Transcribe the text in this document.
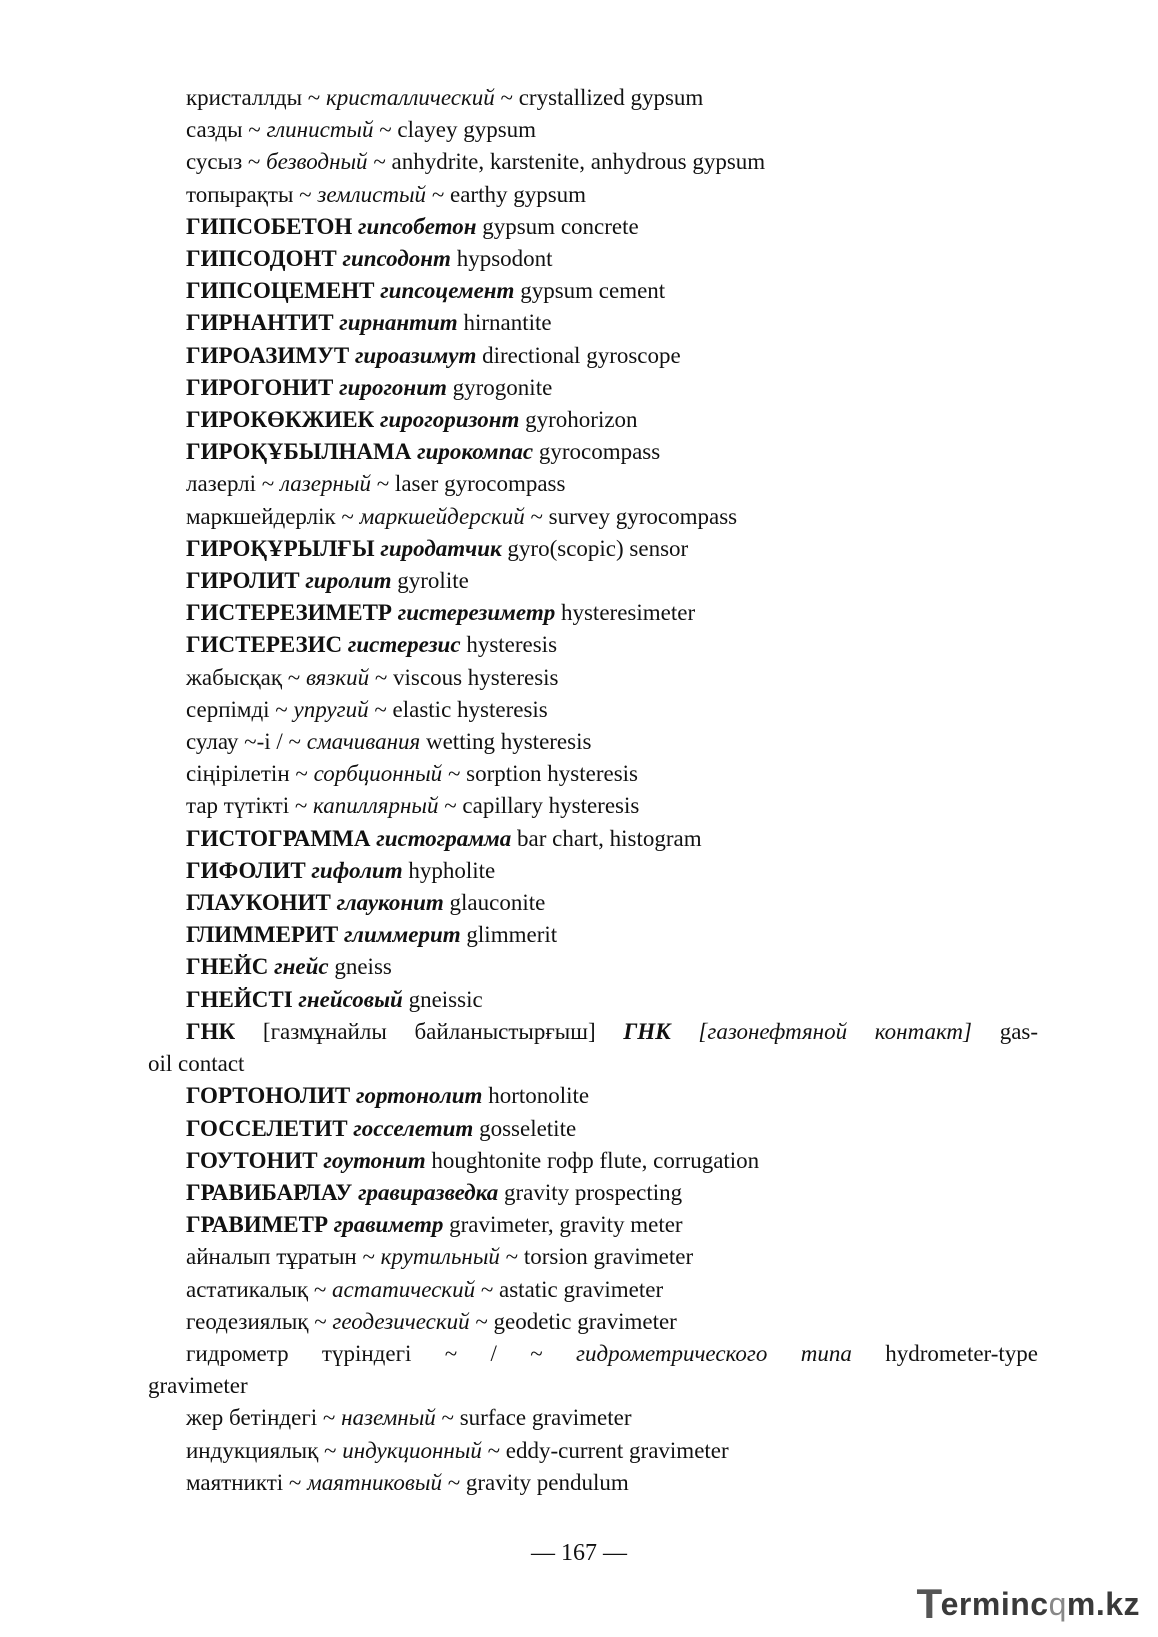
кристаллды ~ кристаллический ~ crystallized gypsum
сазды ~ глинистый ~ clayey gypsum
сусыз ~ безводный ~ anhydrite, karstenite, anhydrous gypsum
топырақты ~ землистый ~ earthy gypsum
ГИПСОБЕТОН гипсобетон gypsum concrete
ГИПСОДОНТ гипсодонт hypsodont
ГИПСОЦЕМЕНТ гипсоцемент gypsum cement
ГИРНАНТИТ гирнантит hirnantite
ГИРОАЗИМУТ гироазимут directional gyroscope
ГИРОГОНИТ гирогонит gyrogonite
ГИРОКӨКЖИЕК гирогоризонт gyrohorizon
ГИРОҚҰБЫЛНАМА гирокомпас gyrocompass
лазерлі ~ лазерный ~ laser gyrocompass
маркшейдерлік ~ маркшейдерский ~ survey gyrocompass
ГИРОҚҰРЫЛҒЫ гиродатчик gyro(scopic) sensor
ГИРОЛИТ гиролит gyrolite
ГИСТЕРЕЗИМЕТР гистерезиметр hysteresimeter
ГИСТЕРЕЗИС гистерезис hysteresis
жабысқақ ~ вязкий ~ viscous hysteresis
серпімді ~ упругий ~ elastic hysteresis
сулау ~-і / ~ смачивания wetting hysteresis
сіңірілетін ~ сорбционный ~ sorption hysteresis
тар түтікті ~ капиллярный ~ capillary hysteresis
ГИСТОГРАММА гистограмма bar chart, histogram
ГИФОЛИТ гифолит hypholite
ГЛАУКОНИТ глауконит glauconite
ГЛИММЕРИТ глиммерит glimmerit
ГНЕЙС гнейс gneiss
ГНЕЙСТІ гнейсовый gneissic
ГНК [газмұнайлы байланыстырғыш] ГНК [газонефтяной контакт] gas-
oil contact
ГОРТОНОЛИТ гортонолит hortonolite
ГОССЕЛЕТИТ госселетит gosseletite
ГОУТОНИТ гоутонит houghtonite гофр flute, corrugation
ГРАВИБАРЛАУ гравиразведка gravity prospecting
ГРАВИМЕТР гравиметр gravimeter, gravity meter
айналып тұратын ~ крутильный ~ torsion gravimeter
астатикалық ~ астатический ~ astatic gravimeter
геодезиялық ~ геодезический ~ geodetic gravimeter
гидрометр түріндегі ~ / ~ гидрометрического типа hydrometer-type
gravimeter
жер бетіндегі ~ наземный ~ surface gravimeter
индукциялық ~ индукционный ~ eddy-current gravimeter
маятникті ~ маятниковый ~ gravity pendulum
— 167 —
T
erminc q m.kz
